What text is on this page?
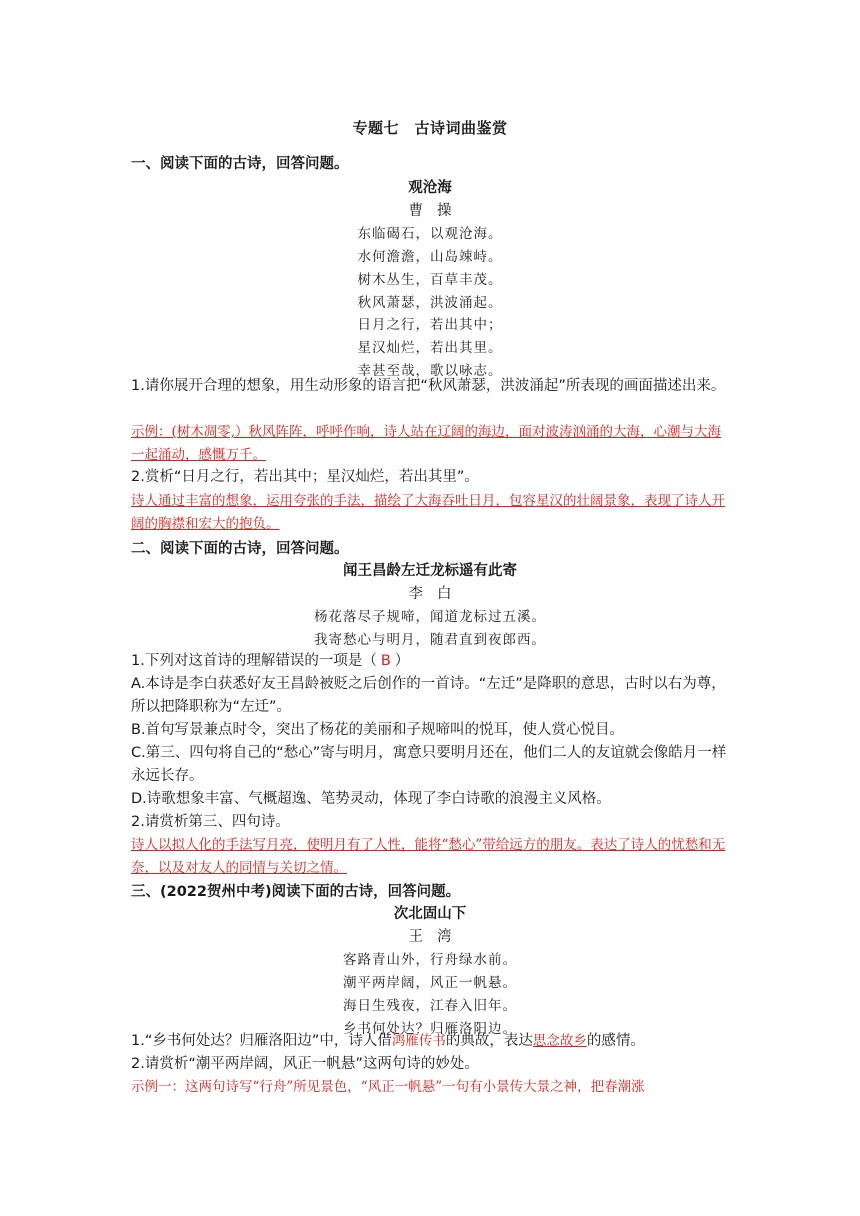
专题七　古诗词曲鉴赏
一、阅读下面的古诗，回答问题。
观沧海
曹操
东临碣石，以观沧海。
水何澹澹，山岛竦峙。
树木丛生，百草丰茂。
秋风萧瑟，洪波涌起。
日月之行，若出其中；
星汉灿烂，若出其里。
幸甚至哉，歌以咏志。
1.请你展开合理的想象，用生动形象的语言把“秋风萧瑟，洪波涌起”所表现的画面描述出来。
示例：(树木凋零,）秋风阵阵，呼呼作响，诗人站在辽阔的海边，面对波涛汹涌的大海，心潮与大海一起涌动，感慨万千。
2.赏析“日月之行，若出其中；星汉灿烂，若出其里”。
诗人通过丰富的想象，运用夸张的手法，描绘了大海吞吐日月，包容星汉的壮阔景象，表现了诗人开阔的胸襟和宏大的抱负。
二、阅读下面的古诗，回答问题。
闻王昌龄左迁龙标遥有此寄
李白
杨花落尽子规啼，闻道龙标过五溪。
我寄愁心与明月，随君直到夜郎西。
1.下列对这首诗的理解错误的一项是（ B ）
A.本诗是李白获悉好友王昌龄被贬之后创作的一首诗。“左迁”是降职的意思，古时以右为尊，所以把降职称为“左迁”。
B.首句写景兼点时令，突出了杨花的美丽和子规啼叫的悦耳，使人赏心悦目。
C.第三、四句将自己的“愁心”寄与明月，寓意只要明月还在，他们二人的友谊就会像皓月一样永远长存。
D.诗歌想象丰富、气概超逸、笔势灵动，体现了李白诗歌的浪漫主义风格。
2.请赏析第三、四句诗。
诗人以拟人化的手法写月亮，使明月有了人性，能将“愁心”带给远方的朋友。表达了诗人的忧愁和无奈，以及对友人的同情与关切之情。
三、(2022贺州中考)阅读下面的古诗，回答问题。
次北固山下
王湾
客路青山外，行舟绿水前。
潮平两岸阔，风正一帆悬。
海日生残夜，江春入旧年。
乡书何处达？归雁洛阳边。
1.“乡书何处达？归雁洛阳边”中，诗人借鸿雁传书的典故，表达思念故乡的感情。
2.请赏析“潮平两岸阔，风正一帆悬”这两句诗的妙处。
示例一：这两句诗写“行舟”所见景色，“风正一帆悬”一句有小景传大景之神，把春潮涨
